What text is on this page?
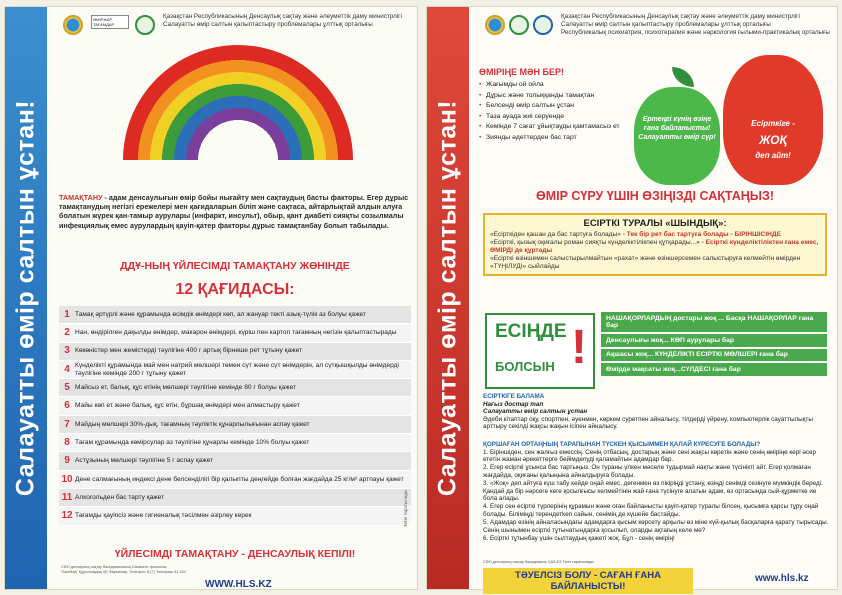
Салауатты өмір салтын ұстан!
ӨМІРЖАР ТАҒАМДАР
Қазақстан Республикасының Денсаулық сақтау және әлеуметтік даму министрлігі
Салауатты өмір салтын қалыптастыру проблемалары ұлттық орталығы
ТАМАҚТАНУ - адам денсаулығын өмір бойы нығайту мен сақтаудың басты факторы. Егер дұрыс тамақтанудың негізгі ережелері мен қағидаларын біліп және сақтаса, айтарлықтай алдын алуға болатын жүрек қан-тамыр аурулары (инфаркт, инсульт), обыр, қант диабеті сияқты созылмалы инфекциялық емес аурулардың қауіп-қатер факторы дұрыс тамақтанбау болып табылады.
ДДҰ-НЫҢ ҮЙЛЕСІМДІ ТАМАҚТАНУ ЖӨНІНДЕ
12 ҚАҒИДАСЫ:
1 Тамақ әртүрлі және құрамында өсімдік өнімдері көп, ал жануар текті азық-түлік аз болуы қажет
2 Нан, өндірілген дақылды өнімдер, макарон өнімдері, күріш пен картоп тағамның негізін қалыптастырады
3 Көкөністер мен жемістерді тәулігіне 400 г артық бірнеше рет тұтыну қажет
4 Күнделікті құрамында май мен натрий мөлшері төмен сүт және сүт өнімдерін, ал сүтқышқылды өнімдерді тәулігіне кемінде 200 г тұтыну қажет
5 Майсыз ет, балық, құс етінің мөлшері тәулігіне кемінде 80 г болуы қажет
6 Майы көп ет және балық, құс етін, бұршақ өнімдері мен алмастыру қажет
7 Майдың мөлшері 30%-дық, тағамның тәуліктік құнарлылығынан аспау қажет
8 Тағам құрамында көмірсулар аз тәулігіне құнарлы кемінде 10% болуы қажет
9 Астұзының мөлшері тәулігіне 5 г аспау қажет
10 Дене салмағының индексі дене белсенділігі бір қалыпты деңгейде болған жағдайда 25 кг/м² артпауы қажет
11 Алкогольден бас тарту қажет
12 Тағамды қауіпсіз және гигиеналық тәсілмен әзірлеу керек
ҮЙЛЕСІМДІ ТАМАҚТАНУ - ДЕНСАУЛЫҚ КЕПІЛІ!
СӨО денсаулық сақтау басқармасының Шымкент филиалы
"БиоМед" Құрылымдық ҚБ Фирмалар, Телефон: 8 (7) Телефакс 41 444
WWW.HLS.KZ
Тегін таратылады
Салауатты өмір салтын ұстан!
Қазақстан Республикасының Денсаулық сақтау және әлеуметтік даму министрлігі
Салауатты өмір салтын қалыптастыру проблемалары ұлттық орталығы
Республикалық психиатрия, психотерапия және наркология ғылыми-практикалық орталығы
ӨМІРІҢЕ МӘН БЕР!
• Жағымды ой ойла
• Дұрыс және толыққанды тамақтан
• Белсенді өмір салтын ұстан
• Таза ауада жиі серуенде
• Кемінде 7 сағат ұйықтауды қамтамасыз ет
• Зиянды әдеттерден бас тарт
Ертеңгі күнің өзіңе ғана байланысты! Салауатты өмір сүр!
Есірткіге -
ЖОҚ
деп айт!
ӨМІР СҮРУ ҮШІН ӨЗІҢІЗДІ САҚТАҢЫЗ!
ЕСІРТКІ ТУРАЛЫ «ШЫНДЫҚ»:

«Есірткіден қашан да бас тартуға болады» - Тек бір рет бас тартуға болады - БІРІНШІСІНДЕ

«Есірткі, қызық оқиғалы роман сияқты күнделіктілікпен құтқарады...» - Есірткі күнделіктіліктен ғана емес, ӨМІРДІ де құртады

«Есірткі өзіншемен салыстырылмайтын «рахат» және өзіншерсемен салыстыруға келмейтін өмірден «ТҮҢІЛУДІ» сыйлайды

ЕСІҢДЕ
БОЛСЫН !
НАШАҚОРЛАРДЫҢ достары жоқ ... Басқа НАШАҚОРЛАР ғана бар
Денсаулығы жоқ... КӨП аурулары бар
Ақшасы жоқ... КҮНДЕЛІКТІ ЕСІРТКІ МӨЛШЕРІ ғана бар
Өмірде мақсаты жоқ...СҮЛДЕСІ ғана бар
ЕСІРТКІГЕ БАЛАМА
Нағыз достар тап
Салауатты өмір салтын ұстан
Әдеби кітаптар оқу, спортпен, әуенмен, көркем суретпен айналысу, тілдерді үйрену, компьютерлік сауаттылықты арттыру секілді жақсы жақын ісіпен айналысу.
ҚОРШАҒАН ОРТАҢНЫҢ ТАРАПЫНАН ТҮСКЕН ҚЫСЫММЕН ҚАЛАЙ КҮРЕСУГЕ БОЛАДЫ?
1. Біріншіден, сен жалғыз емессің. Сенің отбасың, достарың және сені жақсы көретін және сенің өміріңе кері әсер ететін жаман әрекеттерге бейімделуді қаламайтын адамдар бар.
2. Егер есірткі ұсынса бас тартыңыз. Он тураны үлкен мәселе тудырмай нақты және түсінікті айт. Егер қолмаған жағдайда, оқиғаны қалыңына айналдыруға болады.
3. «Жоқ» деп айтуға күш табу кейде оңай емес, дегенмен өз пікіріңді ұстану, өзіңді сенімді сезінуге мүмкіндік береді. Қандай да бір нәрсеге кеге қосылғысы келмейтінін жай ғана түсінуге алатын адам, өз ортасында сый-құрметке ие бола алады.
4. Егер сен есірткі түрлерінің құрамын және оған байланысты қауіп-қатер туралы білсең, қысымға қарсы тұру оңай болады. Біліміңді терендетken сайын, сенімің де күшейе бастайды.
5. Адамдар өзінің айналасындағы адамдарға қысым көрсету арқылы өз міне күй-қылық басқаларға қарату тырысады. Сенің шынымен есірткі тұтынатындарға қосылып, оларды ақтағың келе ме?
6. Есірткі тұтынбау үшін сылтаудың қажеті жоқ. Бұл - сенің өмірің!
СӨО денсаулық сақтау басқармасы, ҚАЗ-ЕЗ Тегін таратылады
ТӘУЕЛСІЗ БОЛУ - САҒАН ҒАНА БАЙЛАНЫСТЫ!
www.hls.kz
